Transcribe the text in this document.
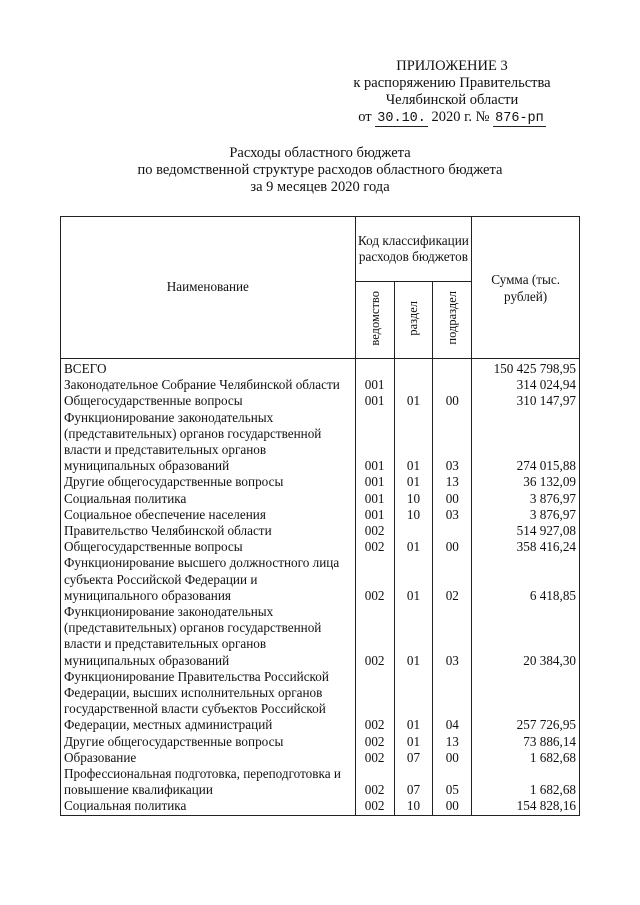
ПРИЛОЖЕНИЕ 3
к распоряжению Правительства
Челябинской области
от 30.10. 2020 г. № 876-рп
Расходы областного бюджета
по ведомственной структуре расходов областного бюджета
за 9 месяцев 2020 года
Наименование	Код классификации расходов бюджетов			Сумма (тыс. рублей)
	ведомство	раздел	подраздел	
ВСЕГО				150 425 798,95
Законодательное Собрание Челябинской области	001			314 024,94
Общегосударственные вопросы	001	01	00	310 147,97
Функционирование законодательных (представительных) органов государственной власти и представительных органов муниципальных образований	001	01	03	274 015,88
Другие общегосударственные вопросы	001	01	13	36 132,09
Социальная политика	001	10	00	3 876,97
Социальное обеспечение населения	001	10	03	3 876,97
Правительство Челябинской области	002			514 927,08
Общегосударственные вопросы	002	01	00	358 416,24
Функционирование высшего должностного лица субъекта Российской Федерации и муниципального образования	002	01	02	6 418,85
Функционирование законодательных (представительных) органов государственной власти и представительных органов муниципальных образований	002	01	03	20 384,30
Функционирование Правительства Российской Федерации, высших исполнительных органов государственной власти субъектов Российской Федерации, местных администраций	002	01	04	257 726,95
Другие общегосударственные вопросы	002	01	13	73 886,14
Образование	002	07	00	1 682,68
Профессиональная подготовка, переподготовка и повышение квалификации	002	07	05	1 682,68
Социальная политика	002	10	00	154 828,16
